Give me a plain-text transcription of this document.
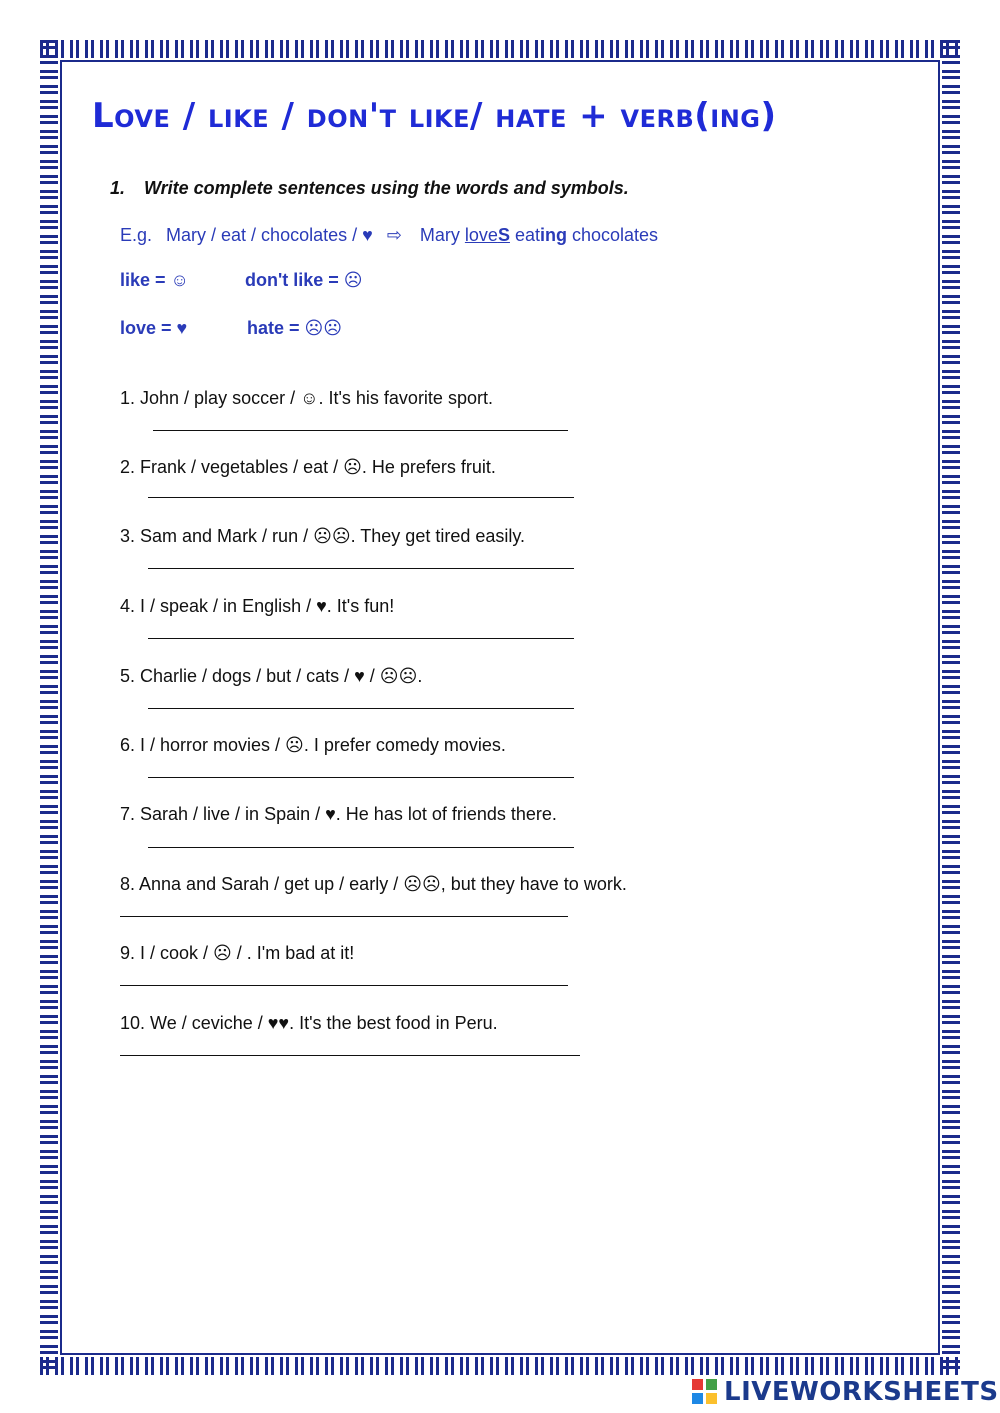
Love / like / don't like/ hate + verb(ing)
1. Write complete sentences using the words and symbols.
E.g. Mary / eat / chocolates / ♥ ⇨ Mary loveS eating chocolates
like = ☺	don't like = ☹
love = ♥	hate = ☹☹
1. John / play soccer / ☺. It's his favorite sport.
2. Frank / vegetables / eat / ☹. He prefers fruit.
3. Sam and Mark / run / ☹☹. They get tired easily.
4. I / speak / in English / ♥. It's fun!
5. Charlie / dogs / but / cats / ♥ / ☹☹.
6. I / horror movies / ☹. I prefer comedy movies.
7. Sarah / live / in Spain / ♥. He has lot of friends there.
8. Anna and Sarah / get up / early / ☹☹, but they have to work.
9. I / cook / ☹ / . I'm bad at it!
10. We / ceviche / ♥♥. It's the best food in Peru.
LIVEWORKSHEETS
